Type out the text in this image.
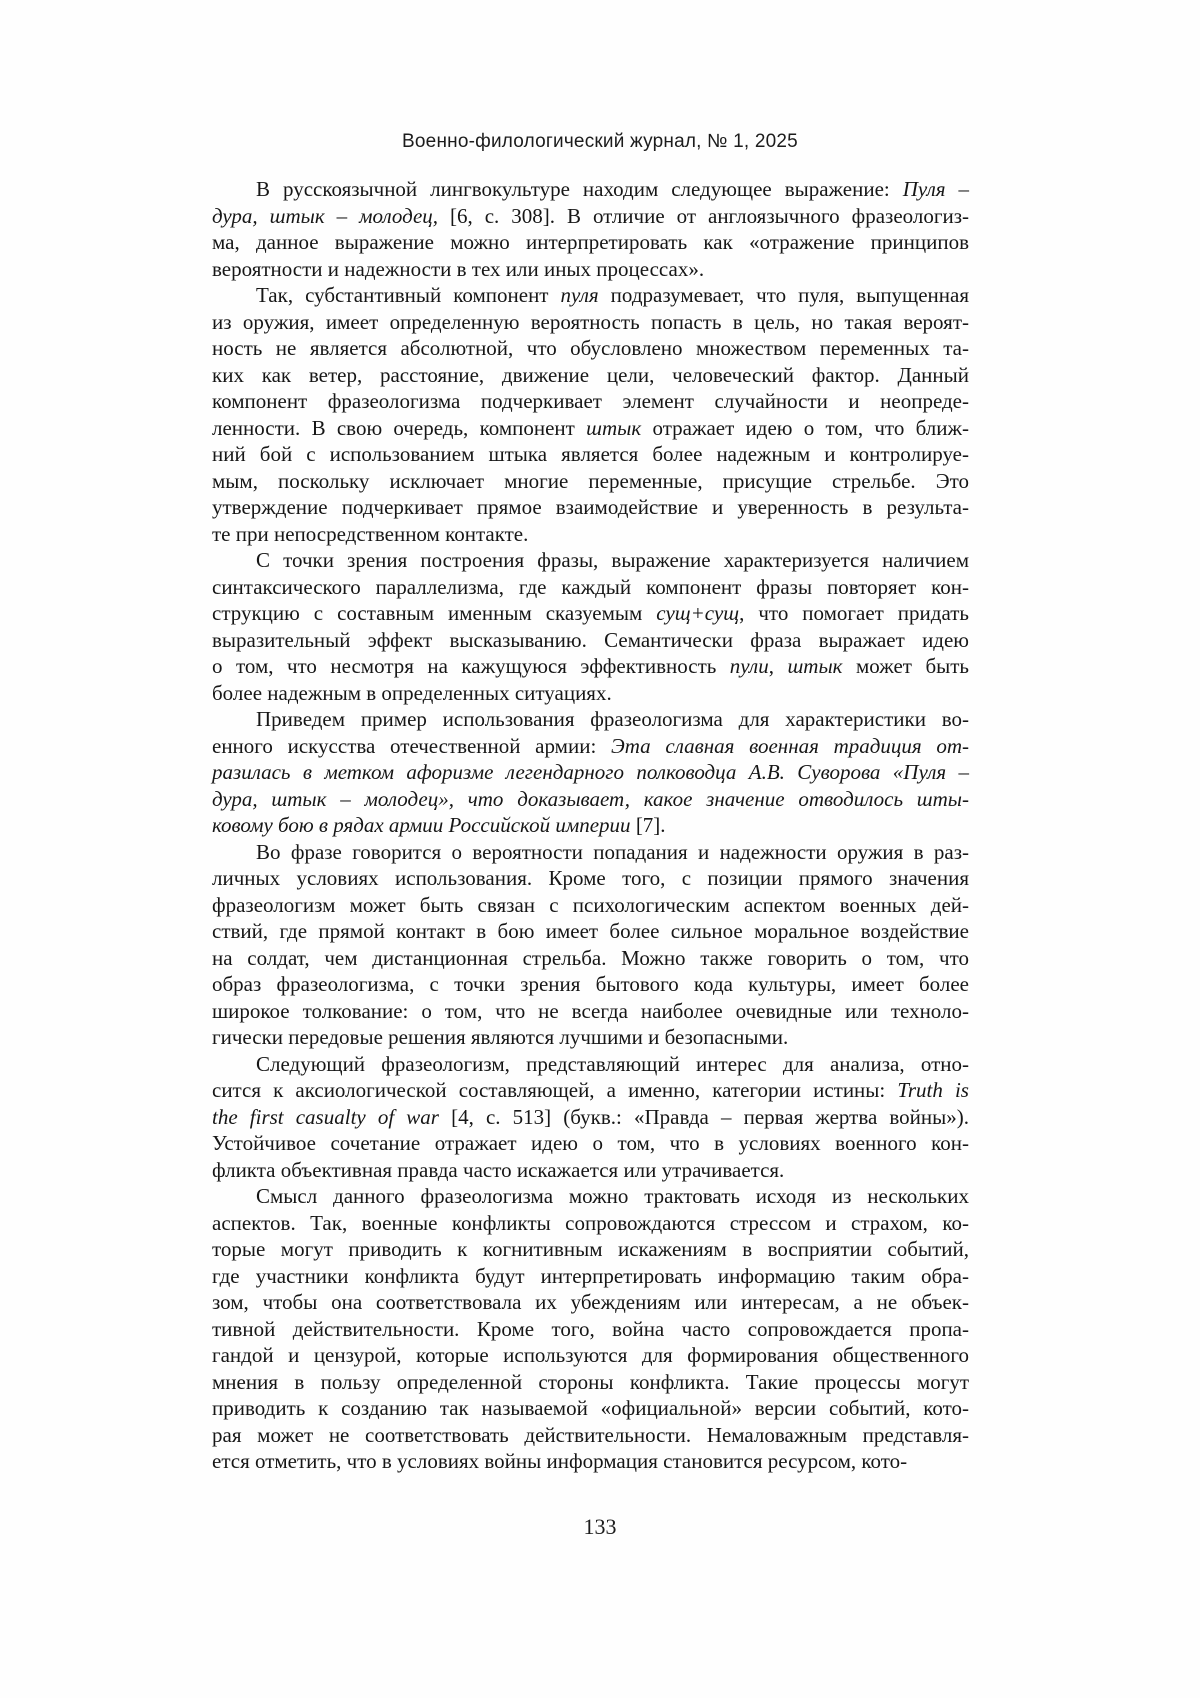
Военно-филологический журнал, № 1, 2025
В русскоязычной лингвокультуре находим следующее выражение: Пуля –
дура, штык – молодец, [6, с. 308]. В отличие от англоязычного фразеологиз-
ма, данное выражение можно интерпретировать как «отражение принципов
вероятности и надежности в тех или иных процессах».
Так, субстантивный компонент пуля подразумевает, что пуля, выпущенная
из оружия, имеет определенную вероятность попасть в цель, но такая вероят-
ность не является абсолютной, что обусловлено множеством переменных та-
ких как ветер, расстояние, движение цели, человеческий фактор. Данный
компонент фразеологизма подчеркивает элемент случайности и неопреде-
ленности. В свою очередь, компонент штык отражает идею о том, что ближ-
ний бой с использованием штыка является более надежным и контролируе-
мым, поскольку исключает многие переменные, присущие стрельбе. Это
утверждение подчеркивает прямое взаимодействие и уверенность в результа-
те при непосредственном контакте.
С точки зрения построения фразы, выражение характеризуется наличием
синтаксического параллелизма, где каждый компонент фразы повторяет кон-
струкцию с составным именным сказуемым сущ+сущ, что помогает придать
выразительный эффект высказыванию. Семантически фраза выражает идею
о том, что несмотря на кажущуюся эффективность пули, штык может быть
более надежным в определенных ситуациях.
Приведем пример использования фразеологизма для характеристики во-
енного искусства отечественной армии: Эта славная военная традиция от-
разилась в метком афоризме легендарного полководца А.В. Суворова «Пуля –
дура, штык – молодец», что доказывает, какое значение отводилось шты-
ковому бою в рядах армии Российской империи [7].
Во фразе говорится о вероятности попадания и надежности оружия в раз-
личных условиях использования. Кроме того, с позиции прямого значения
фразеологизм может быть связан с психологическим аспектом военных дей-
ствий, где прямой контакт в бою имеет более сильное моральное воздействие
на солдат, чем дистанционная стрельба. Можно также говорить о том, что
образ фразеологизма, с точки зрения бытового кода культуры, имеет более
широкое толкование: о том, что не всегда наиболее очевидные или техноло-
гически передовые решения являются лучшими и безопасными.
Следующий фразеологизм, представляющий интерес для анализа, отно-
сится к аксиологической составляющей, а именно, категории истины: Truth is
the first casualty of war [4, с. 513] (букв.: «Правда – первая жертва войны»).
Устойчивое сочетание отражает идею о том, что в условиях военного кон-
фликта объективная правда часто искажается или утрачивается.
Смысл данного фразеологизма можно трактовать исходя из нескольких
аспектов. Так, военные конфликты сопровождаются стрессом и страхом, ко-
торые могут приводить к когнитивным искажениям в восприятии событий,
где участники конфликта будут интерпретировать информацию таким обра-
зом, чтобы она соответствовала их убеждениям или интересам, а не объек-
тивной действительности. Кроме того, война часто сопровождается пропа-
гандой и цензурой, которые используются для формирования общественного
мнения в пользу определенной стороны конфликта. Такие процессы могут
приводить к созданию так называемой «официальной» версии событий, кото-
рая может не соответствовать действительности. Немаловажным представля-
ется отметить, что в условиях войны информация становится ресурсом, кото-
133
